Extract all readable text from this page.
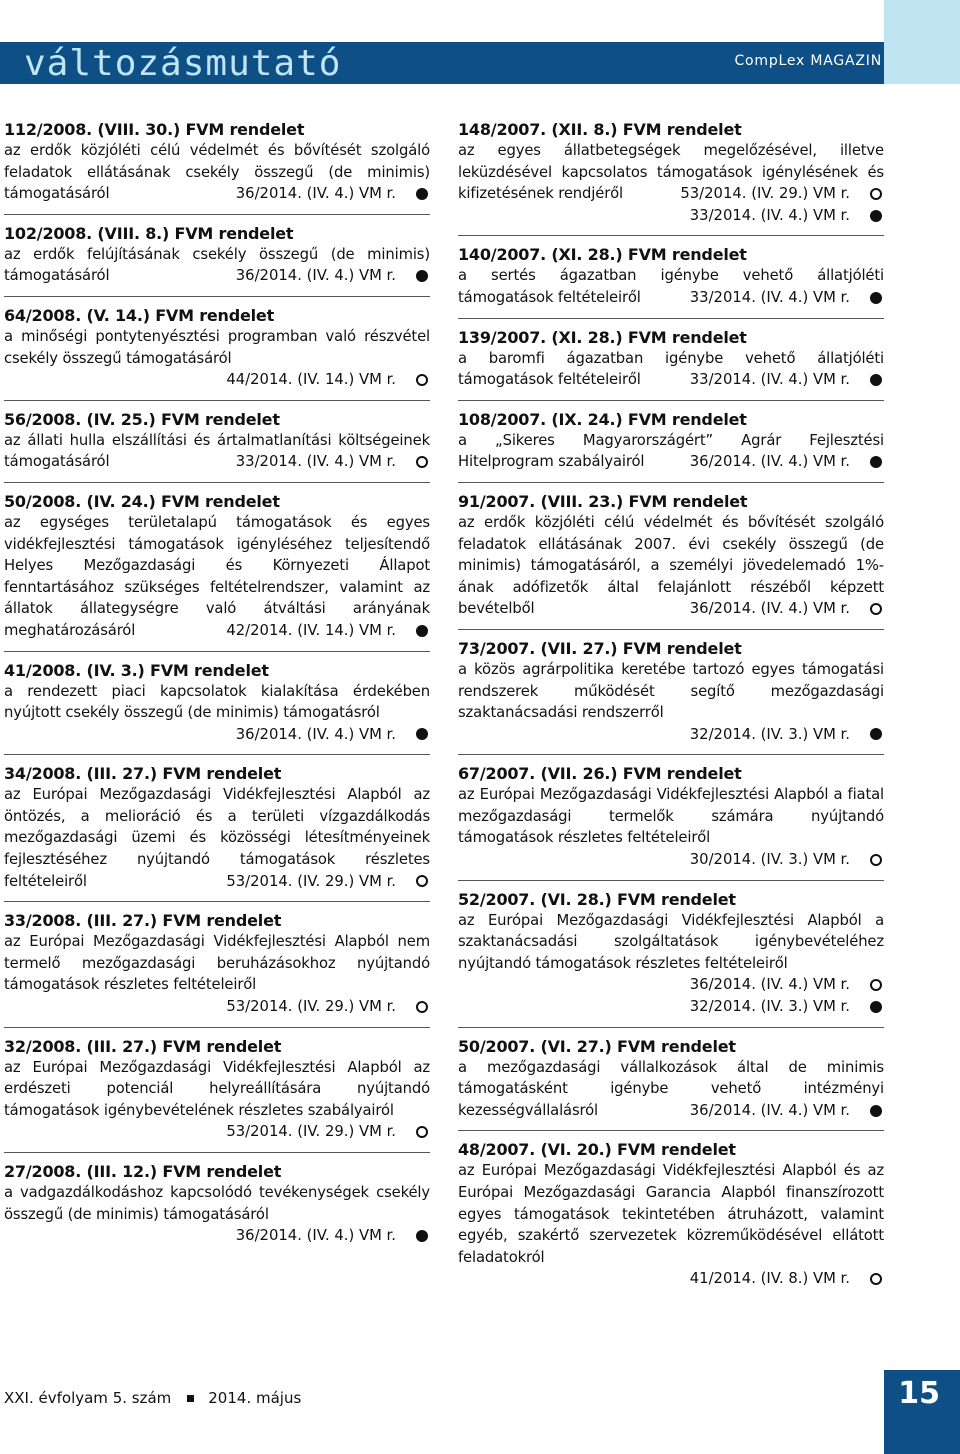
változásmutató	CompLex MAGAZIN
112/2008. (VIII. 30.) FVM rendelet
az erdők közjóléti célú védelmét és bővítését szolgáló feladatok ellátásának csekély összegű (de minimis) támogatásáról	36/2014. (IV. 4.) VM r.
102/2008. (VIII. 8.) FVM rendelet
az erdők felújításának csekély összegű (de minimis) támogatásáról	36/2014. (IV. 4.) VM r.
64/2008. (V. 14.) FVM rendelet
a minőségi pontytenyésztési programban való részvétel csekély összegű támogatásáról
44/2014. (IV. 14.) VM r.
56/2008. (IV. 25.) FVM rendelet
az állati hulla elszállítási és ártalmatlanítási költségeinek támogatásáról	33/2014. (IV. 4.) VM r.
50/2008. (IV. 24.) FVM rendelet
az egységes területalapú támogatások és egyes vidékfejlesztési támogatások igényléséhez teljesítendő Helyes Mezőgazdasági és Környezeti Állapot fenntartásához szükséges feltételrendszer, valamint az állatok állategységre való átváltási arányának meghatározásáról	42/2014. (IV. 14.) VM r.
41/2008. (IV. 3.) FVM rendelet
a rendezett piaci kapcsolatok kialakítása érdekében nyújtott csekély összegű (de minimis) támogatásról
36/2014. (IV. 4.) VM r.
34/2008. (III. 27.) FVM rendelet
az Európai Mezőgazdasági Vidékfejlesztési Alapból az öntözés, a melioráció és a területi vízgazdálkodás mezőgazdasági üzemi és közösségi létesítményeinek fejlesztéséhez nyújtandó támogatások részletes feltételeiről	53/2014. (IV. 29.) VM r.
33/2008. (III. 27.) FVM rendelet
az Európai Mezőgazdasági Vidékfejlesztési Alapból nem termelő mezőgazdasági beruházásokhoz nyújtandó támogatások részletes feltételeiről
53/2014. (IV. 29.) VM r.
32/2008. (III. 27.) FVM rendelet
az Európai Mezőgazdasági Vidékfejlesztési Alapból az erdészeti potenciál helyreállítására nyújtandó támogatások igénybevételének részletes szabályairól
53/2014. (IV. 29.) VM r.
27/2008. (III. 12.) FVM rendelet
a vadgazdálkodáshoz kapcsolódó tevékenységek csekély összegű (de minimis) támogatásáról
36/2014. (IV. 4.) VM r.
148/2007. (XII. 8.) FVM rendelet
az egyes állatbetegségek megelőzésével, illetve leküzdésével kapcsolatos támogatások igénylésének és kifizetésének rendjéről	53/2014. (IV. 29.) VM r.
33/2014. (IV. 4.) VM r.
140/2007. (XI. 28.) FVM rendelet
a sertés ágazatban igénybe vehető állatjóléti támogatások feltételeiről	33/2014. (IV. 4.) VM r.
139/2007. (XI. 28.) FVM rendelet
a baromfi ágazatban igénybe vehető állatjóléti támogatások feltételeiről	33/2014. (IV. 4.) VM r.
108/2007. (IX. 24.) FVM rendelet
a „Sikeres Magyarországért” Agrár Fejlesztési Hitelprogram szabályairól	36/2014. (IV. 4.) VM r.
91/2007. (VIII. 23.) FVM rendelet
az erdők közjóléti célú védelmét és bővítését szolgáló feladatok ellátásának 2007. évi csekély összegű (de minimis) támogatásáról, a személyi jövedelemadó 1%-ának adófizetők által felajánlott részéből képzett bevételből	36/2014. (IV. 4.) VM r.
73/2007. (VII. 27.) FVM rendelet
a közös agrárpolitika keretébe tartozó egyes támogatási rendszerek működését segítő mezőgazdasági szaktanácsadási rendszerről
32/2014. (IV. 3.) VM r.
67/2007. (VII. 26.) FVM rendelet
az Európai Mezőgazdasági Vidékfejlesztési Alapból a fiatal mezőgazdasági termelők számára nyújtandó támogatások részletes feltételeiről
30/2014. (IV. 3.) VM r.
52/2007. (VI. 28.) FVM rendelet
az Európai Mezőgazdasági Vidékfejlesztési Alapból a szaktanácsadási szolgáltatások igénybevételéhez nyújtandó támogatások részletes feltételeiről
36/2014. (IV. 4.) VM r.
32/2014. (IV. 3.) VM r.
50/2007. (VI. 27.) FVM rendelet
a mezőgazdasági vállalkozások által de minimis támogatásként igénybe vehető intézményi kezességvállalásról	36/2014. (IV. 4.) VM r.
48/2007. (VI. 20.) FVM rendelet
az Európai Mezőgazdasági Vidékfejlesztési Alapból és az Európai Mezőgazdasági Garancia Alapból finanszírozott egyes támogatások tekintetében átruházott, valamint egyéb, szakértő szervezetek közreműködésével ellátott feladatokról
41/2014. (IV. 8.) VM r.
XXI. évfolyam 5. szám 2014. május	15
